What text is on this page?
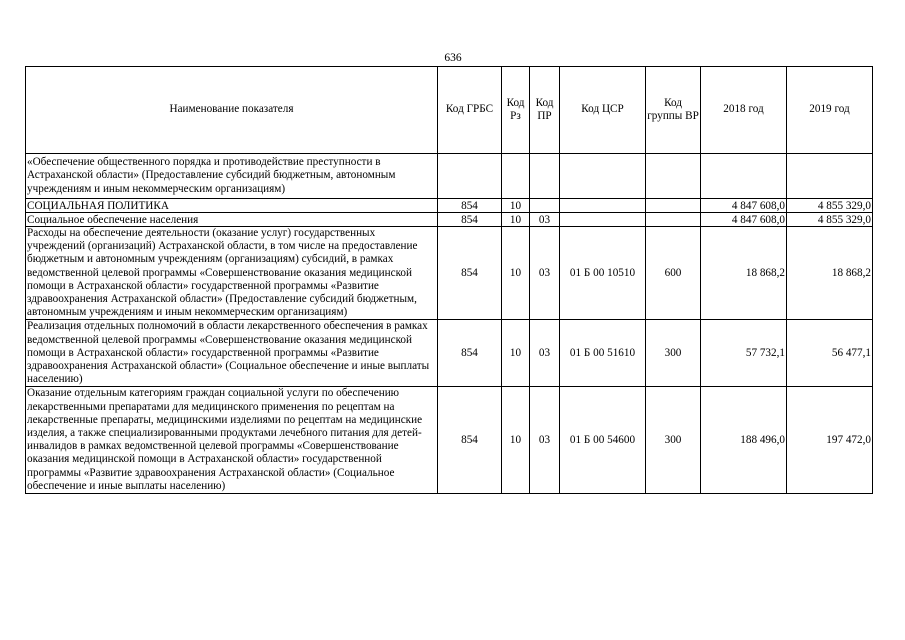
636
Наименование показателя	Код ГРБС	Код Рз	Код ПР	Код ЦСР	Код группы ВР	2018 год	2019 год
«Обеспечение общественного порядка и противодействие преступности в Астраханской области» (Предоставление субсидий бюджетным, автономным учреждениям и иным некоммерческим организациям)							
СОЦИАЛЬНАЯ ПОЛИТИКА	854	10				4 847 608,0	4 855 329,0
Социальное обеспечение населения	854	10	03			4 847 608,0	4 855 329,0
Расходы на обеспечение деятельности (оказание услуг) государственных учреждений (организаций) Астраханской области, в том числе на предоставление бюджетным и автономным учреждениям (организациям) субсидий, в рамках ведомственной целевой программы «Совершенствование оказания медицинской помощи в Астраханской области» государственной программы «Развитие здравоохранения Астраханской области» (Предоставление субсидий бюджетным, автономным учреждениям и иным некоммерческим организациям)	854	10	03	01 Б 00 10510	600	18 868,2	18 868,2
Реализация отдельных полномочий в области лекарственного обеспечения в рамках ведомственной целевой программы «Совершенствование оказания медицинской помощи в Астраханской области» государственной программы «Развитие здравоохранения Астраханской области» (Социальное обеспечение и иные выплаты населению)	854	10	03	01 Б 00 51610	300	57 732,1	56 477,1
Оказание отдельным категориям граждан социальной услуги по обеспечению лекарственными препаратами для медицинского применения по рецептам на лекарственные препараты, медицинскими изделиями по рецептам на медицинские изделия, а также специализированными продуктами лечебного питания для детей-инвалидов в рамках ведомственной целевой программы «Совершенствование оказания медицинской помощи в Астраханской области» государственной программы «Развитие здравоохранения Астраханской области» (Социальное обеспечение и иные выплаты населению)	854	10	03	01 Б 00 54600	300	188 496,0	197 472,0
